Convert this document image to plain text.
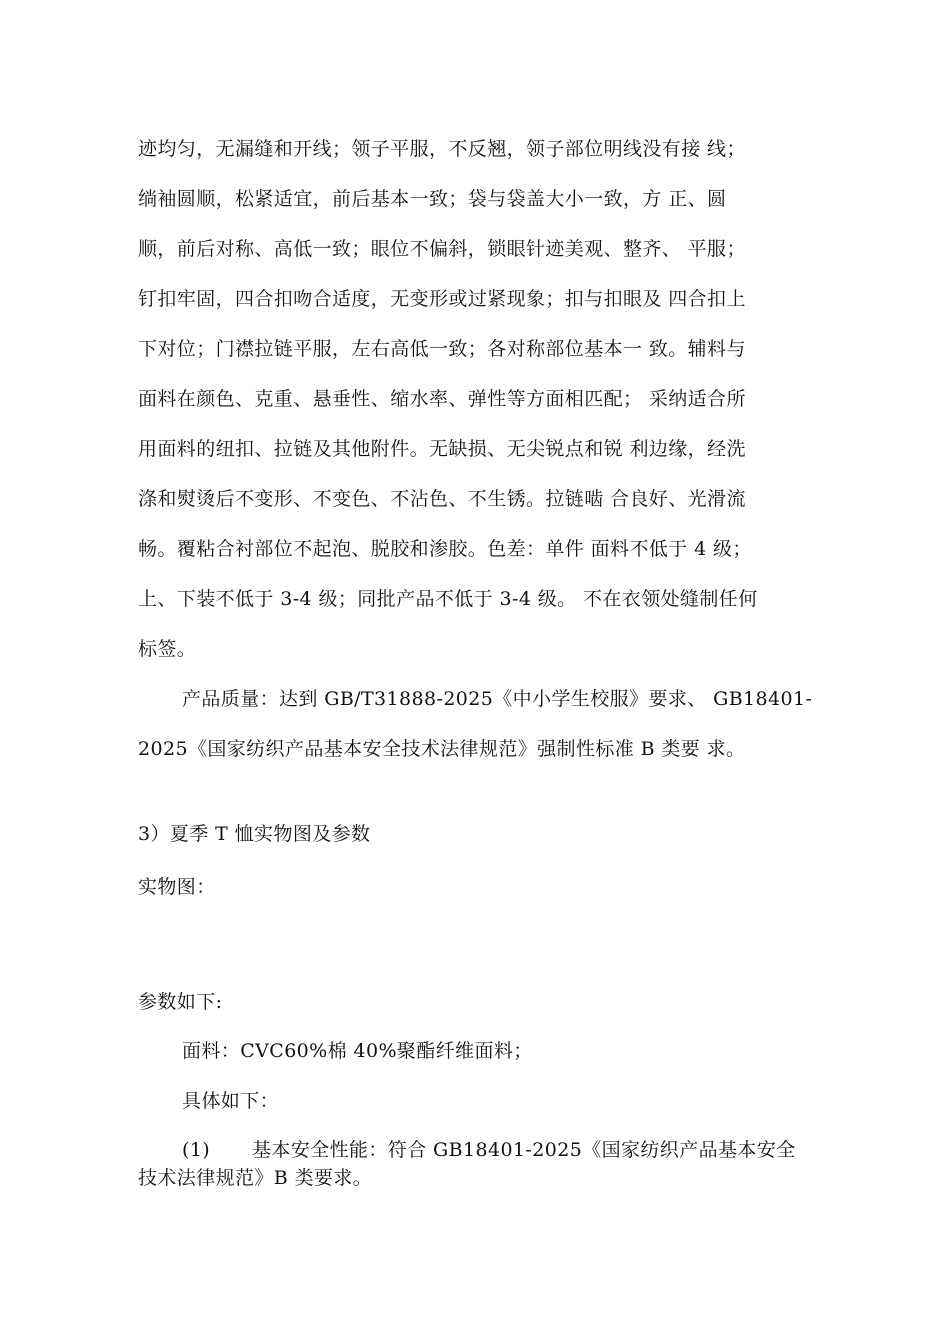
迹均匀，无漏缝和开线；领子平服，不反翘，领子部位明线没有接 线；
绱袖圆顺，松紧适宜，前后基本一致；袋与袋盖大小一致，方 正、圆
顺，前后对称、高低一致；眼位不偏斜，锁眼针迹美观、整齐、 平服；
钉扣牢固，四合扣吻合适度，无变形或过紧现象；扣与扣眼及 四合扣上
下对位；门襟拉链平服，左右高低一致；各对称部位基本一 致。辅料与
面料在颜色、克重、悬垂性、缩水率、弹性等方面相匹配； 采纳适合所
用面料的纽扣、拉链及其他附件。无缺损、无尖锐点和锐 利边缘，经洗
涤和熨烫后不变形、不变色、不沾色、不生锈。拉链啮 合良好、光滑流
畅。覆粘合衬部位不起泡、脱胶和渗胶。色差：单件 面料不低于 4 级；
上、下装不低于 3-4 级；同批产品不低于 3-4 级。 不在衣领处缝制任何
标签。
产品质量：达到 GB/T31888-2025《中小学生校服》要求、 GB18401-
2025《国家纺织产品基本安全技术法律规范》强制性标准 B 类要 求。
3）夏季 T 恤实物图及参数
实物图：
参数如下:
面料：CVC60%棉 40%聚酯纤维面料；
具体如下：
(1) 基本安全性能：符合 GB18401-2025《国家纺织产品基本安全
技术法律规范》B 类要求。
